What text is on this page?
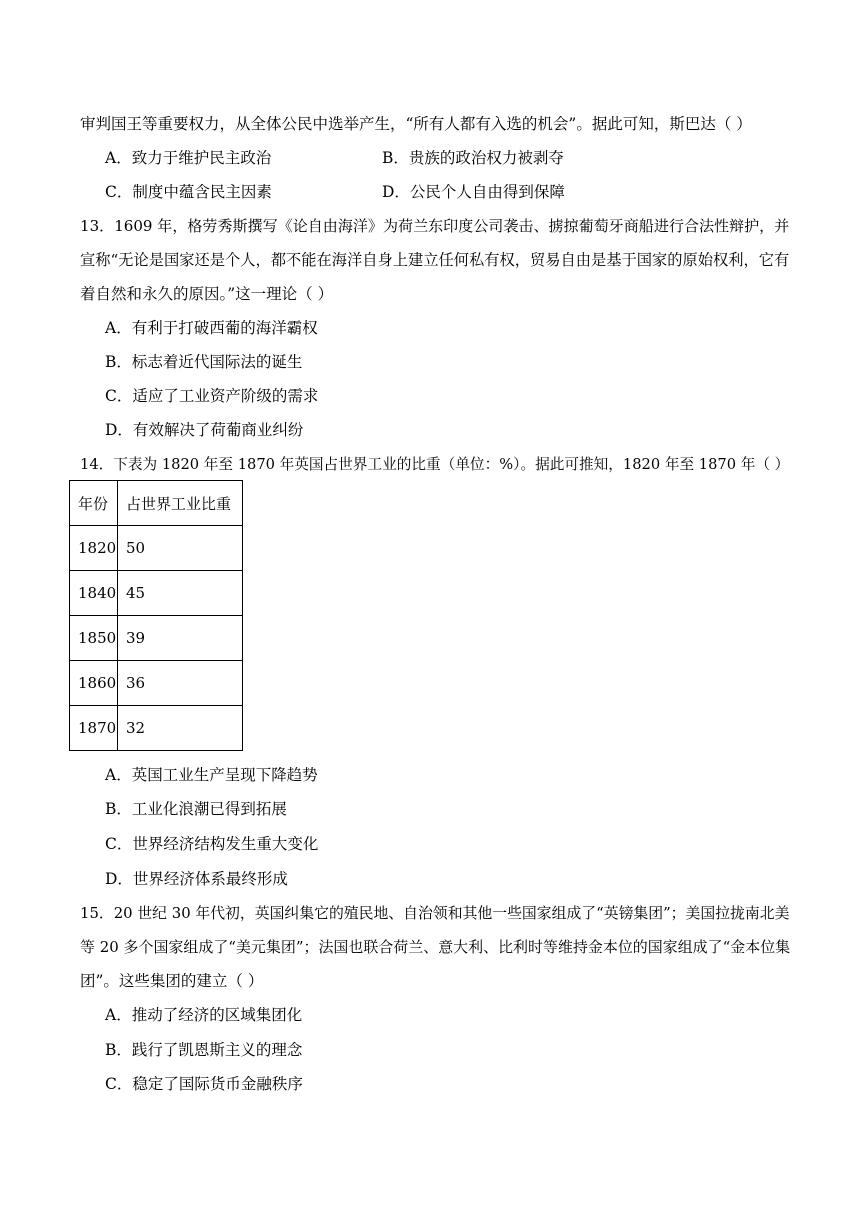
审判国王等重要权力，从全体公民中选举产生，“所有人都有入选的机会”。据此可知，斯巴达（ ）
A．致力于维护民主政治	B．贵族的政治权力被剥夺
C．制度中蕴含民主因素	D．公民个人自由得到保障
13．1609 年，格劳秀斯撰写《论自由海洋》为荷兰东印度公司袭击、掳掠葡萄牙商船进行合法性辩护，并
宣称“无论是国家还是个人，都不能在海洋自身上建立任何私有权，贸易自由是基于国家的原始权利，它有
着自然和永久的原因。”这一理论（ ）
A．有利于打破西葡的海洋霸权
B．标志着近代国际法的诞生
C．适应了工业资产阶级的需求
D．有效解决了荷葡商业纠纷
14．下表为 1820 年至 1870 年英国占世界工业的比重（单位：%）。据此可推知，1820 年至 1870 年（ ）
年份	占世界工业比重
1820	50
1840	45
1850	39
1860	36
1870	32
A．英国工业生产呈现下降趋势
B．工业化浪潮已得到拓展
C．世界经济结构发生重大变化
D．世界经济体系最终形成
15．20 世纪 30 年代初，英国纠集它的殖民地、自治领和其他一些国家组成了“英镑集团”；美国拉拢南北美
等 20 多个国家组成了“美元集团”；法国也联合荷兰、意大利、比利时等维持金本位的国家组成了“金本位集
团”。这些集团的建立（ ）
A．推动了经济的区域集团化
B．践行了凯恩斯主义的理念
C．稳定了国际货币金融秩序
